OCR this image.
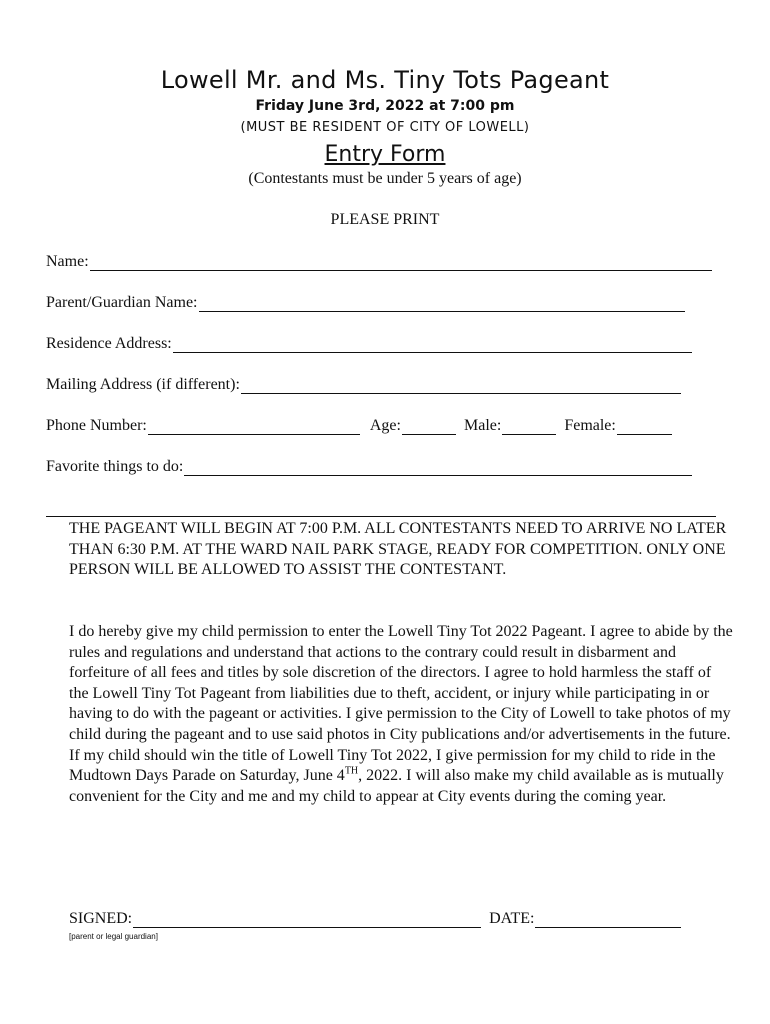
Lowell Mr. and Ms. Tiny Tots Pageant
Friday June 3rd, 2022 at 7:00 pm
(MUST BE RESIDENT OF CITY OF LOWELL)
Entry Form
(Contestants must be under 5 years of age)
PLEASE PRINT
Name:
Parent/Guardian Name:
Residence Address:
Mailing Address (if different):
Phone Number:	Age:	Male:	Female:
Favorite things to do:
THE PAGEANT WILL BEGIN AT 7:00 P.M. ALL CONTESTANTS NEED TO ARRIVE NO LATER THAN 6:30 P.M. AT THE WARD NAIL PARK STAGE, READY FOR COMPETITION. ONLY ONE PERSON WILL BE ALLOWED TO ASSIST THE CONTESTANT.
I do hereby give my child permission to enter the Lowell Tiny Tot 2022 Pageant. I agree to abide by the rules and regulations and understand that actions to the contrary could result in disbarment and forfeiture of all fees and titles by sole discretion of the directors. I agree to hold harmless the staff of the Lowell Tiny Tot Pageant from liabilities due to theft, accident, or injury while participating in or having to do with the pageant or activities. I give permission to the City of Lowell to take photos of my child during the pageant and to use said photos in City publications and/or advertisements in the future. If my child should win the title of Lowell Tiny Tot 2022, I give permission for my child to ride in the Mudtown Days Parade on Saturday, June 4TH, 2022. I will also make my child available as is mutually convenient for the City and me and my child to appear at City events during the coming year.
SIGNED:	DATE:
[parent or legal guardian]
